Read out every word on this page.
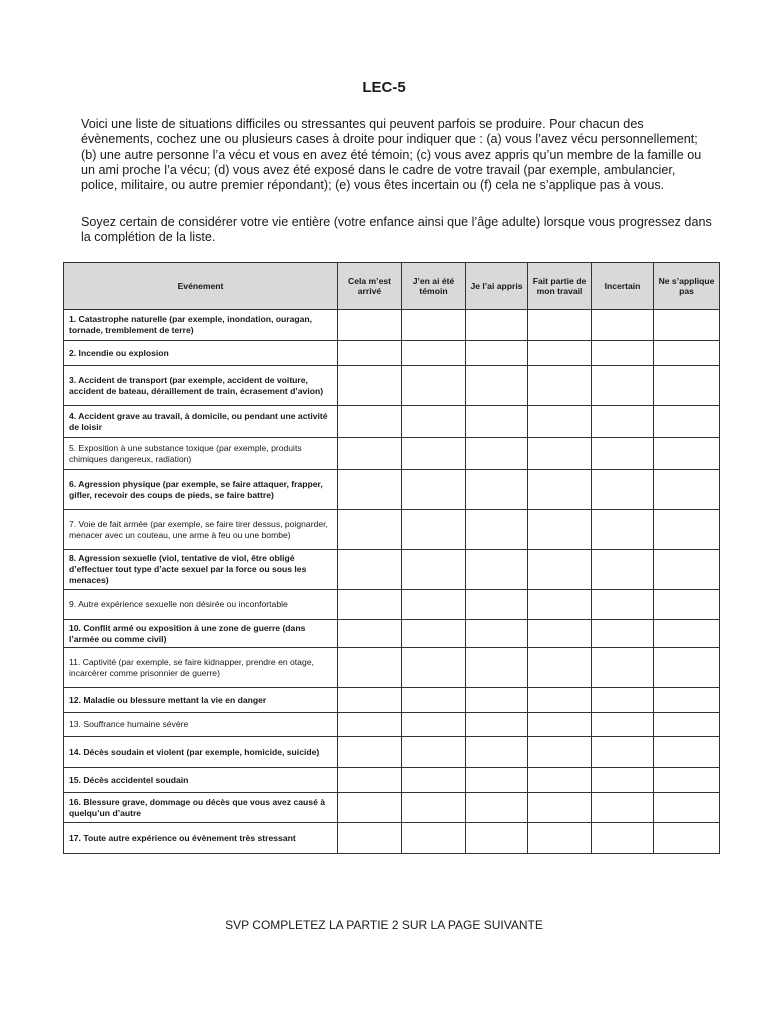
LEC-5

Voici une liste de situations difficiles ou stressantes qui peuvent parfois se produire. Pour chacun des évènements, cochez une ou plusieurs cases à droite pour indiquer que : (a) vous l’avez vécu personnellement; (b) une autre personne l’a vécu et vous en avez été témoin; (c) vous avez appris qu’un membre de la famille ou un ami proche l’a vécu; (d) vous avez été exposé dans le cadre de votre travail (par exemple, ambulancier, police, militaire, ou autre premier répondant); (e) vous êtes incertain ou (f) cela ne s’applique pas à vous.

Soyez certain de considérer votre vie entière (votre enfance ainsi que l’âge adulte) lorsque vous progressez dans la complétion de la liste.

Evénement	Cela m’est arrivé	J’en ai été témoin	Je l’ai appris	Fait partie de mon travail	Incertain	Ne s’applique pas
1. Catastrophe naturelle (par exemple, inondation, ouragan, tornade, tremblement de terre)						
2. Incendie ou explosion						
3. Accident de transport (par exemple, accident de voiture, accident de bateau, déraillement de train, écrasement d’avion)						
4. Accident grave au travail, à domicile, ou pendant une activité de loisir						
5. Exposition à une substance toxique (par exemple, produits chimiques dangereux, radiation)						
6. Agression physique (par exemple, se faire attaquer, frapper, gifler, recevoir des coups de pieds, se faire battre)						
7. Voie de fait armée (par exemple, se faire tirer dessus, poignarder, menacer avec un couteau, une arme à feu ou une bombe)						
8. Agression sexuelle (viol, tentative de viol, être obligé d’effectuer tout type d’acte sexuel par la force ou sous les menaces)						
9. Autre expérience sexuelle non désirée ou inconfortable						
10. Conflit armé ou exposition à une zone de guerre (dans l’armée ou comme civil)						
11. Captivité (par exemple, se faire kidnapper, prendre en otage, incarcérer comme prisonnier de guerre)						
12. Maladie ou blessure mettant la vie en danger						
13. Souffrance humaine sévère						
14. Décès soudain et violent (par exemple, homicide, suicide)						
15. Décès accidentel soudain						
16. Blessure grave, dommage ou décès que vous avez causé à quelqu’un d’autre						
17. Toute autre expérience ou évènement très stressant						

SVP COMPLETEZ LA PARTIE 2 SUR LA PAGE SUIVANTE
